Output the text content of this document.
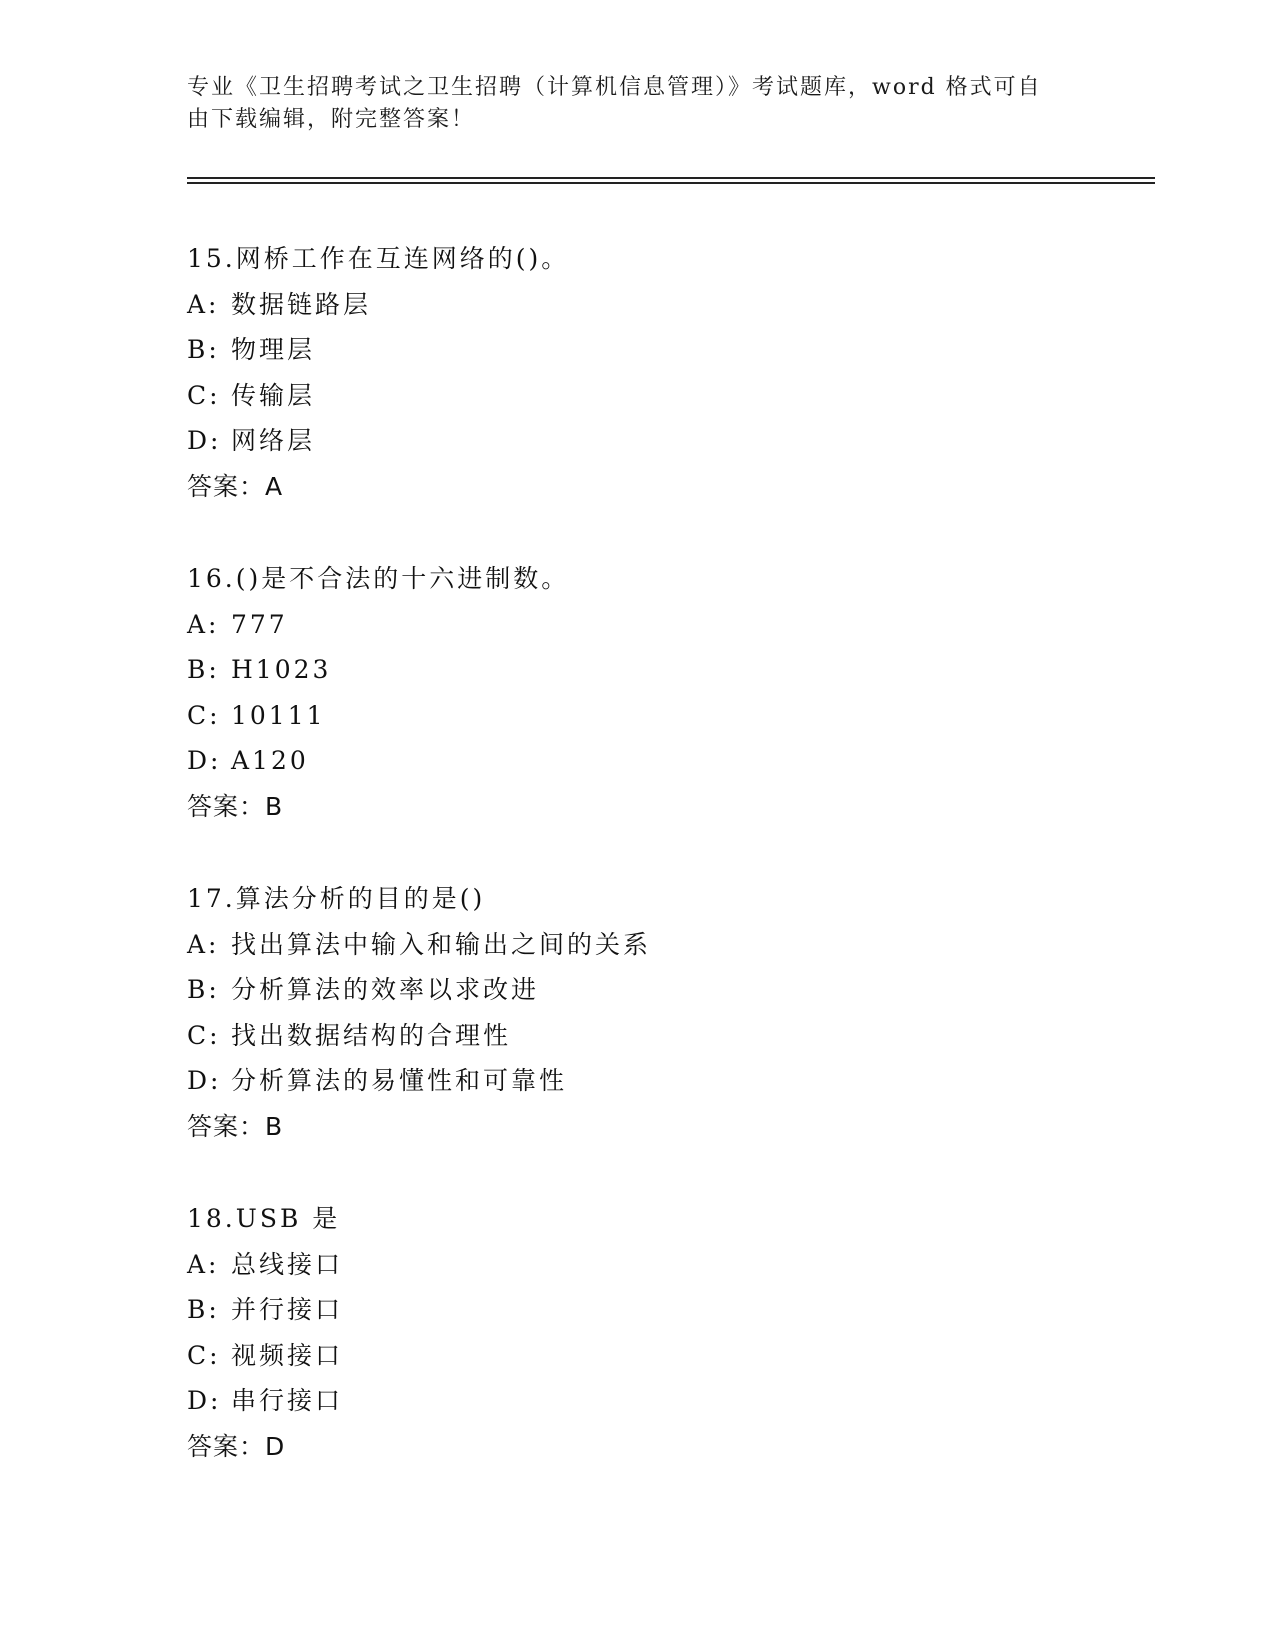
专业《卫生招聘考试之卫生招聘（计算机信息管理）》考试题库，word 格式可自
由下载编辑，附完整答案！
15.网桥工作在互连网络的()。
A: 数据链路层
B: 物理层
C: 传输层
D: 网络层
答案：A
16.()是不合法的十六进制数。
A: 777
B: H1023
C: 10111
D: A120
答案：B
17.算法分析的目的是()
A: 找出算法中输入和输出之间的关系
B: 分析算法的效率以求改进
C: 找出数据结构的合理性
D: 分析算法的易懂性和可靠性
答案：B
18.USB 是
A: 总线接口
B: 并行接口
C: 视频接口
D: 串行接口
答案：D
